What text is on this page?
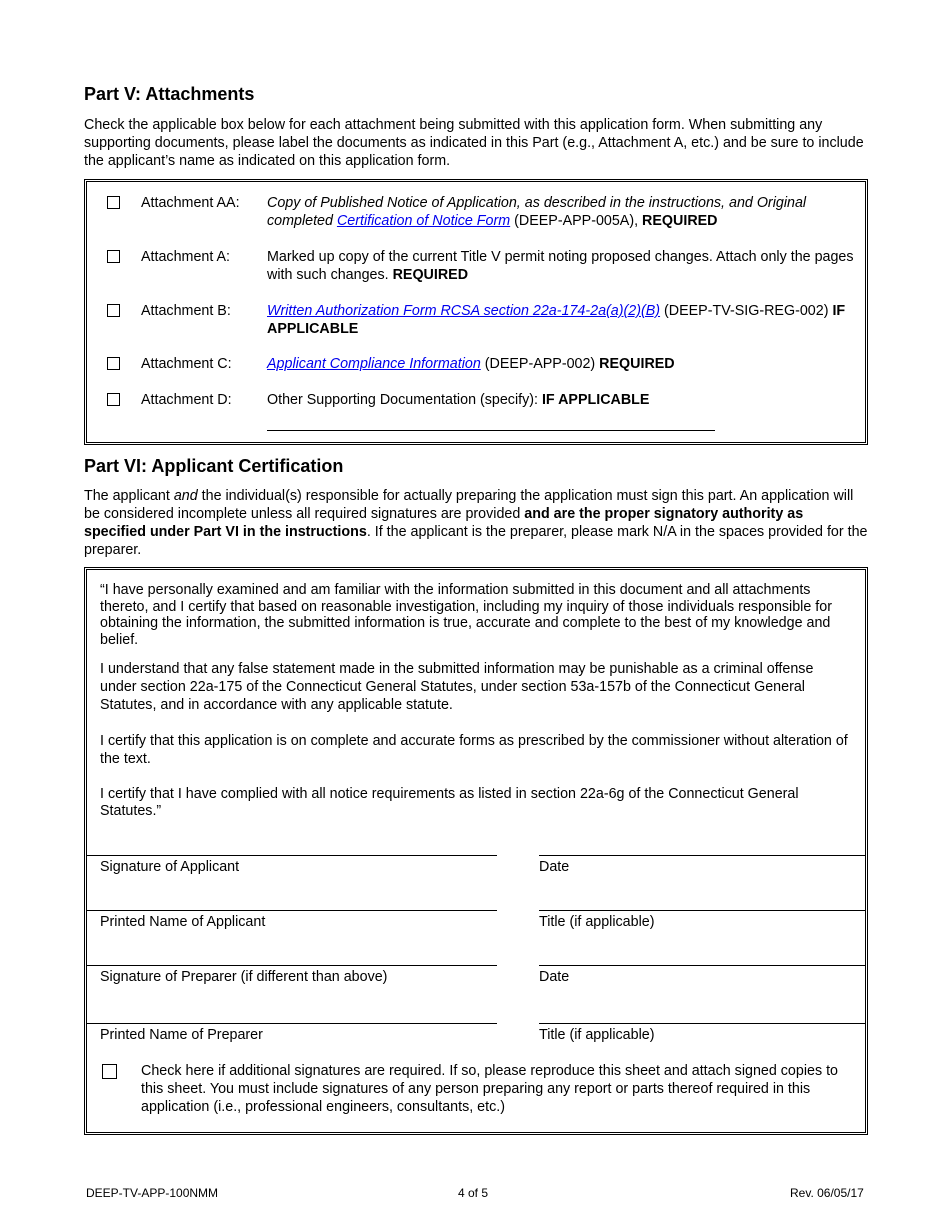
Part V: Attachments

Check the applicable box below for each attachment being submitted with this application form. When submitting any supporting documents, please label the documents as indicated in this Part (e.g., Attachment A, etc.) and be sure to include the applicant’s name as indicated on this application form.

Attachment AA: Copy of Published Notice of Application, as described in the instructions, and Original completed Certification of Notice Form (DEEP-APP-005A), REQUIRED
Attachment A:	Marked up copy of the current Title V permit noting proposed changes. Attach only the pages with such changes. REQUIRED
Attachment B:	Written Authorization Form RCSA section 22a-174-2a(a)(2)(B) (DEEP-TV-SIG-REG-002) IF APPLICABLE
Attachment C: Applicant Compliance Information (DEEP-APP-002) REQUIRED
Attachment D: Other Supporting Documentation (specify): IF APPLICABLE
Part VI: Applicant Certification

The applicant and the individual(s) responsible for actually preparing the application must sign this part. An application will be considered incomplete unless all required signatures are provided and are the proper signatory authority as specified under Part VI in the instructions. If the applicant is the preparer, please mark N/A in the spaces provided for the preparer.

“I have personally examined and am familiar with the information submitted in this document and all attachments thereto, and I certify that based on reasonable investigation, including my inquiry of those individuals responsible for obtaining the information, the submitted information is true, accurate and complete to the best of my knowledge and belief.

I understand that any false statement made in the submitted information may be punishable as a criminal offense under section 22a-175 of the Connecticut General Statutes, under section 53a-157b of the Connecticut General Statutes, and in accordance with any applicable statute.

I certify that this application is on complete and accurate forms as prescribed by the commissioner without alteration of the text.

I certify that I have complied with all notice requirements as listed in section 22a-6g of the Connecticut General Statutes.”

Signature of Applicant	Date
Printed Name of Applicant	Title (if applicable)
Signature of Preparer (if different than above)	Date
Printed Name of Preparer	Title (if applicable)

Check here if additional signatures are required. If so, please reproduce this sheet and attach signed copies to this sheet. You must include signatures of any person preparing any report or parts thereof required in this application (i.e., professional engineers, consultants, etc.)

DEEP-TV-APP-100NMM	4 of 5	Rev. 06/05/17
